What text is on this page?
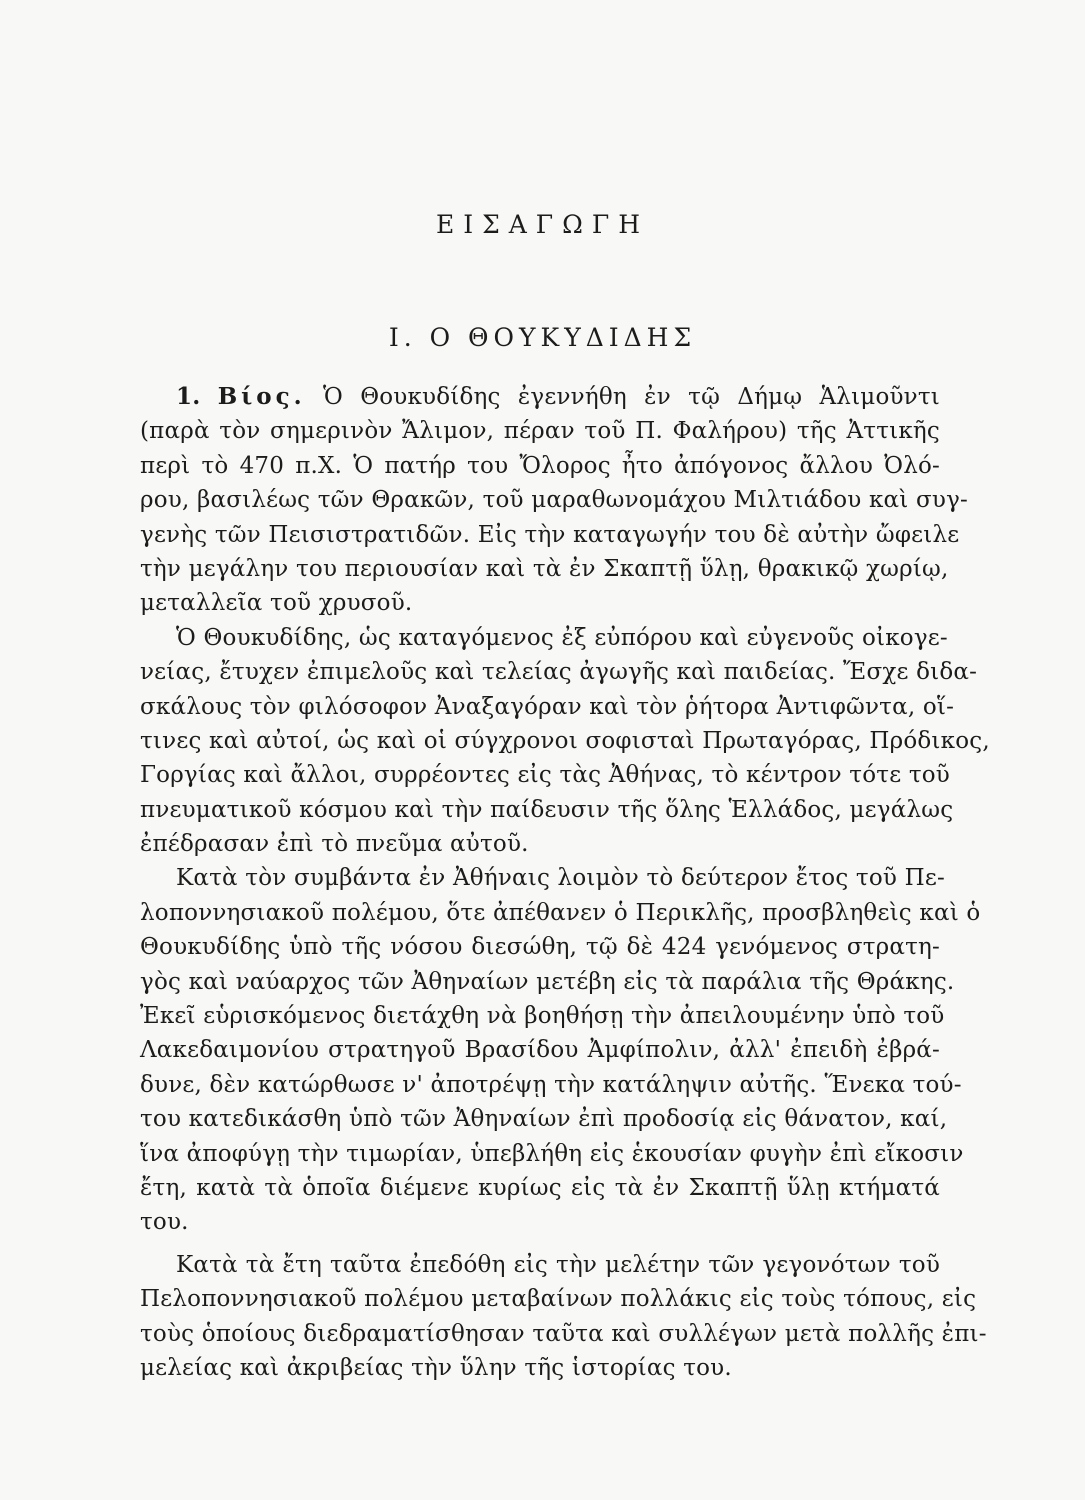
ΕΙΣΑΓΩΓΗ
Ι. Ο ΘΟΥΚΥΔΙΔΗΣ
1. Βίος. Ὁ Θουκυδίδης ἐγεννήθη ἐν τῷ Δήμῳ Ἁλιμοῦντι
(παρὰ τὸν σημερινὸν Ἄλιμον, πέραν τοῦ Π. Φαλήρου) τῆς Ἀττικῆς
περὶ τὸ 470 π.Χ. Ὁ πατήρ του Ὄλορος ἦτο ἀπόγονος ἄλλου Ὀλό-
ρου, βασιλέως τῶν Θρακῶν, τοῦ μαραθωνομάχου Μιλτιάδου καὶ συγ-
γενὴς τῶν Πεισιστρατιδῶν. Εἰς τὴν καταγωγήν του δὲ αὐτὴν ὤφειλε
τὴν μεγάλην του περιουσίαν καὶ τὰ ἐν Σκαπτῇ ὕλῃ, θρακικῷ χωρίῳ,
μεταλλεῖα τοῦ χρυσοῦ.
Ὁ Θουκυδίδης, ὡς καταγόμενος ἐξ εὐπόρου καὶ εὐγενοῦς οἰκογε-
νείας, ἔτυχεν ἐπιμελοῦς καὶ τελείας ἀγωγῆς καὶ παιδείας. Ἔσχε διδα-
σκάλους τὸν φιλόσοφον Ἀναξαγόραν καὶ τὸν ῥήτορα Ἀντιφῶντα, οἵ-
τινες καὶ αὐτοί, ὡς καὶ οἱ σύγχρονοι σοφισταὶ Πρωταγόρας, Πρόδικος,
Γοργίας καὶ ἄλλοι, συρρέοντες εἰς τὰς Ἀθήνας, τὸ κέντρον τότε τοῦ
πνευματικοῦ κόσμου καὶ τὴν παίδευσιν τῆς ὅλης Ἑλλάδος, μεγάλως
ἐπέδρασαν ἐπὶ τὸ πνεῦμα αὐτοῦ.
Κατὰ τὸν συμβάντα ἐν Ἀθήναις λοιμὸν τὸ δεύτερον ἔτος τοῦ Πε-
λοποννησιακοῦ πολέμου, ὅτε ἀπέθανεν ὁ Περικλῆς, προσβληθεὶς καὶ ὁ
Θουκυδίδης ὑπὸ τῆς νόσου διεσώθη, τῷ δὲ 424 γενόμενος στρατη-
γὸς καὶ ναύαρχος τῶν Ἀθηναίων μετέβη εἰς τὰ παράλια τῆς Θράκης.
Ἐκεῖ εὑρισκόμενος διετάχθη νὰ βοηθήσῃ τὴν ἀπειλουμένην ὑπὸ τοῦ
Λακεδαιμονίου στρατηγοῦ Βρασίδου Ἀμφίπολιν, ἀλλ' ἐπειδὴ ἐβρά-
δυνε, δὲν κατώρθωσε ν' ἀποτρέψῃ τὴν κατάληψιν αὐτῆς. Ἕνεκα τού-
του κατεδικάσθη ὑπὸ τῶν Ἀθηναίων ἐπὶ προδοσίᾳ εἰς θάνατον, καί,
ἵνα ἀποφύγῃ τὴν τιμωρίαν, ὑπεβλήθη εἰς ἑκουσίαν φυγὴν ἐπὶ εἴκοσιν
ἔτη, κατὰ τὰ ὁποῖα διέμενε κυρίως εἰς τὰ ἐν Σκαπτῇ ὕλῃ κτήματά
του.
Κατὰ τὰ ἔτη ταῦτα ἐπεδόθη εἰς τὴν μελέτην τῶν γεγονότων τοῦ
Πελοποννησιακοῦ πολέμου μεταβαίνων πολλάκις εἰς τοὺς τόπους, εἰς
τοὺς ὁποίους διεδραματίσθησαν ταῦτα καὶ συλλέγων μετὰ πολλῆς ἐπι-
μελείας καὶ ἀκριβείας τὴν ὕλην τῆς ἱστορίας του.
